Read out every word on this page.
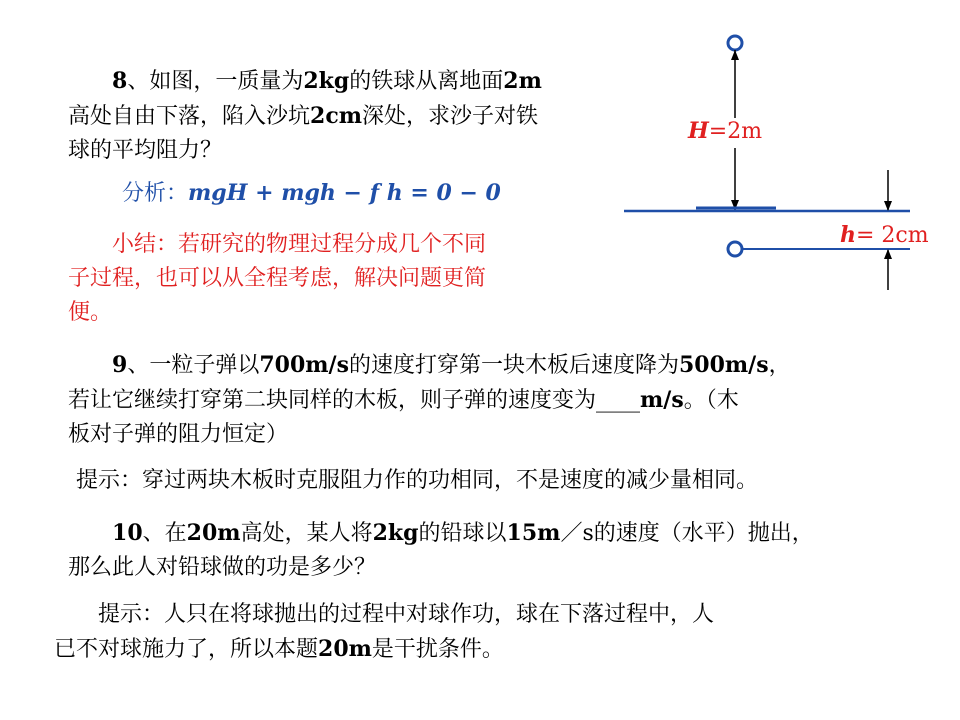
　　8、如图，一质量为2kg的铁球从离地面2m
高处自由下落，陷入沙坑2cm深处，求沙子对铁
球的平均阻力？
分析：mgH + mgh − f h = 0 − 0
　　小结：若研究的物理过程分成几个不同
子过程，也可以从全程考虑，解决问题更简
便。
H=2m
h= 2cm
　　9、一粒子弹以700m/s的速度打穿第一块木板后速度降为500m/s，
若让它继续打穿第二块同样的木板，则子弹的速度变为____m/s。（木
板对子弹的阻力恒定）
　提示：穿过两块木板时克服阻力作的功相同，不是速度的减少量相同。
　　10、在20m高处，某人将2kg的铅球以15m／s的速度（水平）抛出，
那么此人对铅球做的功是多少？
　　提示：人只在将球抛出的过程中对球作功，球在下落过程中，人
已不对球施力了，所以本题20m是干扰条件。
